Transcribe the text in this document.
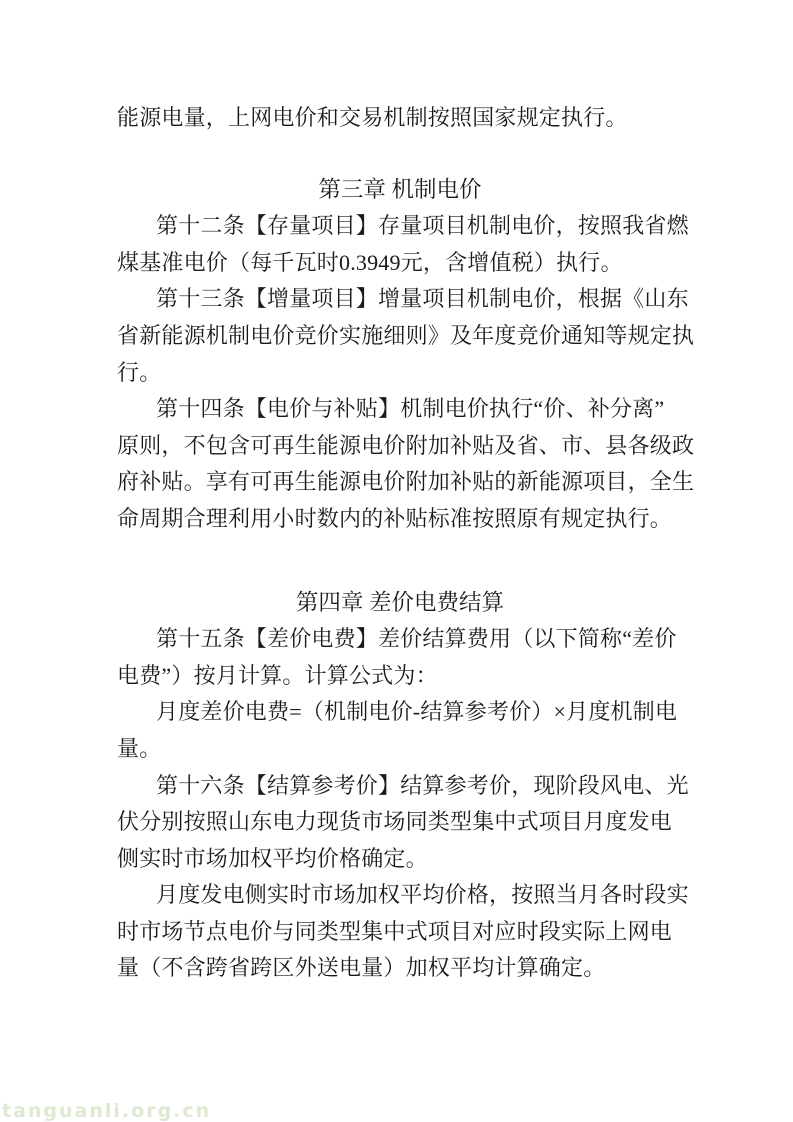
能源电量，上网电价和交易机制按照国家规定执行。
第三章 机制电价
第十二条【存量项目】存量项目机制电价，按照我省燃
煤基准电价（每千瓦时0.3949元，含增值税）执行。
第十三条【增量项目】增量项目机制电价，根据《山东
省新能源机制电价竞价实施细则》及年度竞价通知等规定执
行。
第十四条【电价与补贴】机制电价执行“价、补分离”
原则，不包含可再生能源电价附加补贴及省、市、县各级政
府补贴。享有可再生能源电价附加补贴的新能源项目，全生
命周期合理利用小时数内的补贴标准按照原有规定执行。
第四章 差价电费结算
第十五条【差价电费】差价结算费用（以下简称“差价
电费”）按月计算。计算公式为：
月度差价电费=（机制电价-结算参考价）×月度机制电
量。
第十六条【结算参考价】结算参考价，现阶段风电、光
伏分别按照山东电力现货市场同类型集中式项目月度发电
侧实时市场加权平均价格确定。
月度发电侧实时市场加权平均价格，按照当月各时段实
时市场节点电价与同类型集中式项目对应时段实际上网电
量（不含跨省跨区外送电量）加权平均计算确定。
tanguanli.org.cn
